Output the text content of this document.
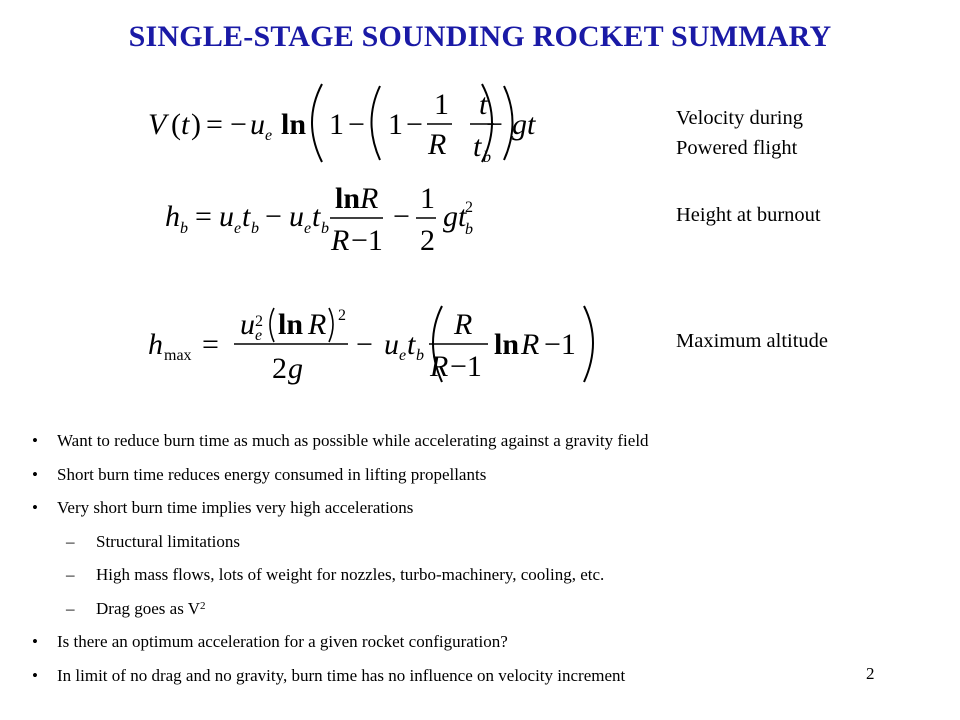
SINGLE-STAGE SOUNDING ROCKET SUMMARY
V ( t ) = − u e ln 1 − 1 −
1
R
t
t b
− gt
h b = u e t b − u e t b
ln R
R −1
−
1
2
gt
2
b
h max =
u 2
e ln R 2
2 g
− u e t b
R
R −1
ln R −1
Velocity during
Powered flight
Height at burnout
Maximum altitude
• Want to reduce burn time as much as possible while accelerating against a gravity field
• Short burn time reduces energy consumed in lifting propellants
• Very short burn time implies very high accelerations
– Structural limitations
– High mass flows, lots of weight for nozzles, turbo-machinery, cooling, etc.
– Drag goes as $V^2$
• Is there an optimum acceleration for a given rocket configuration?
• In limit of no drag and no gravity, burn time has no influence on velocity increment	2
